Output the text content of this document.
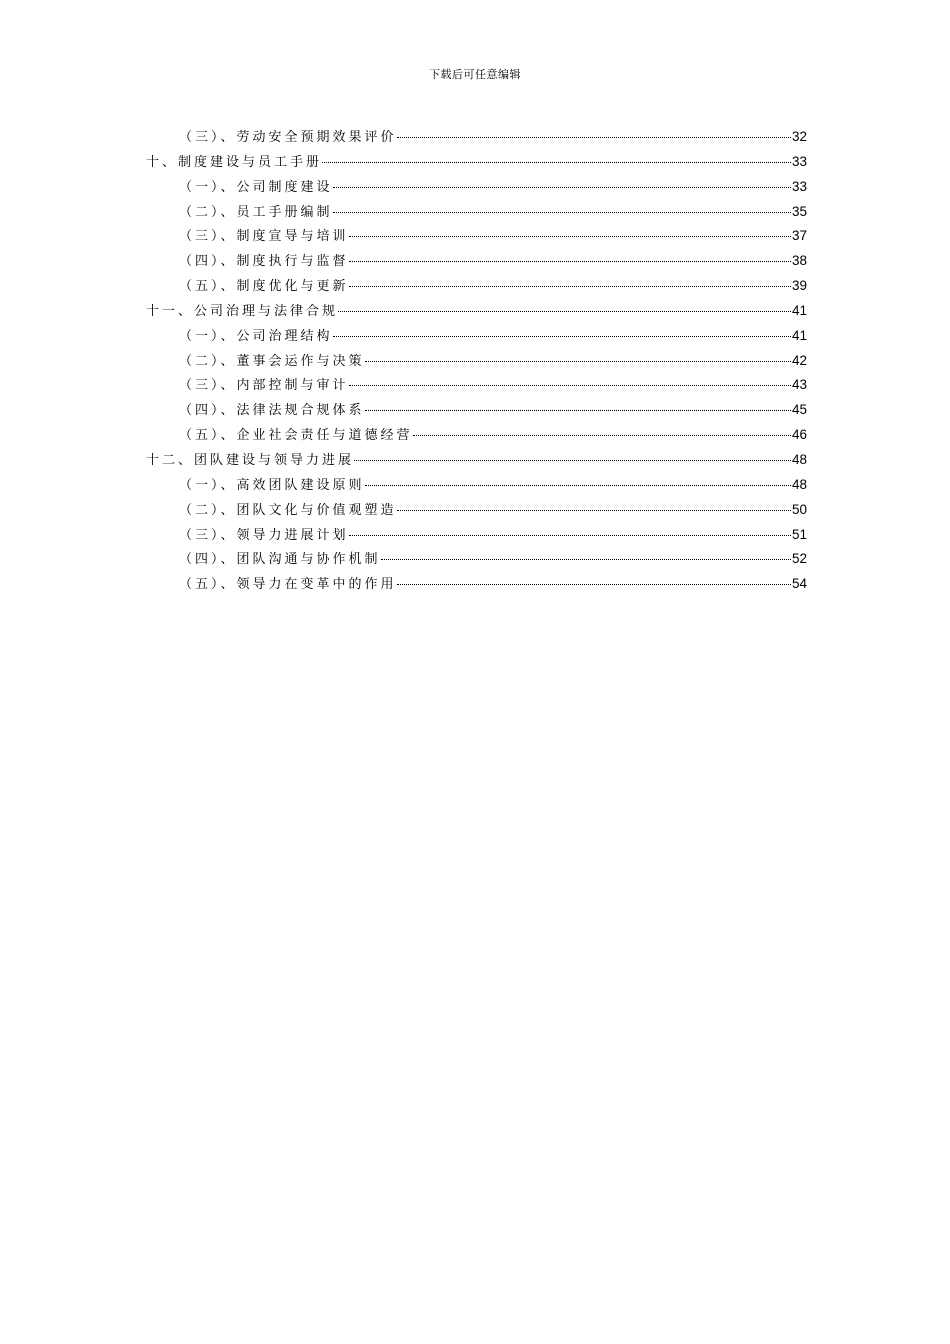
下载后可任意编辑
（三）、劳动安全预期效果评价	32
十、制度建设与员工手册	33
（一）、公司制度建设	33
（二）、员工手册编制	35
（三）、制度宣导与培训	37
（四）、制度执行与监督	38
（五）、制度优化与更新	39
十一、公司治理与法律合规	41
（一）、公司治理结构	41
（二）、董事会运作与决策	42
（三）、内部控制与审计	43
（四）、法律法规合规体系	45
（五）、企业社会责任与道德经营	46
十二、团队建设与领导力进展	48
（一）、高效团队建设原则	48
（二）、团队文化与价值观塑造	50
（三）、领导力进展计划	51
（四）、团队沟通与协作机制	52
（五）、领导力在变革中的作用	54
